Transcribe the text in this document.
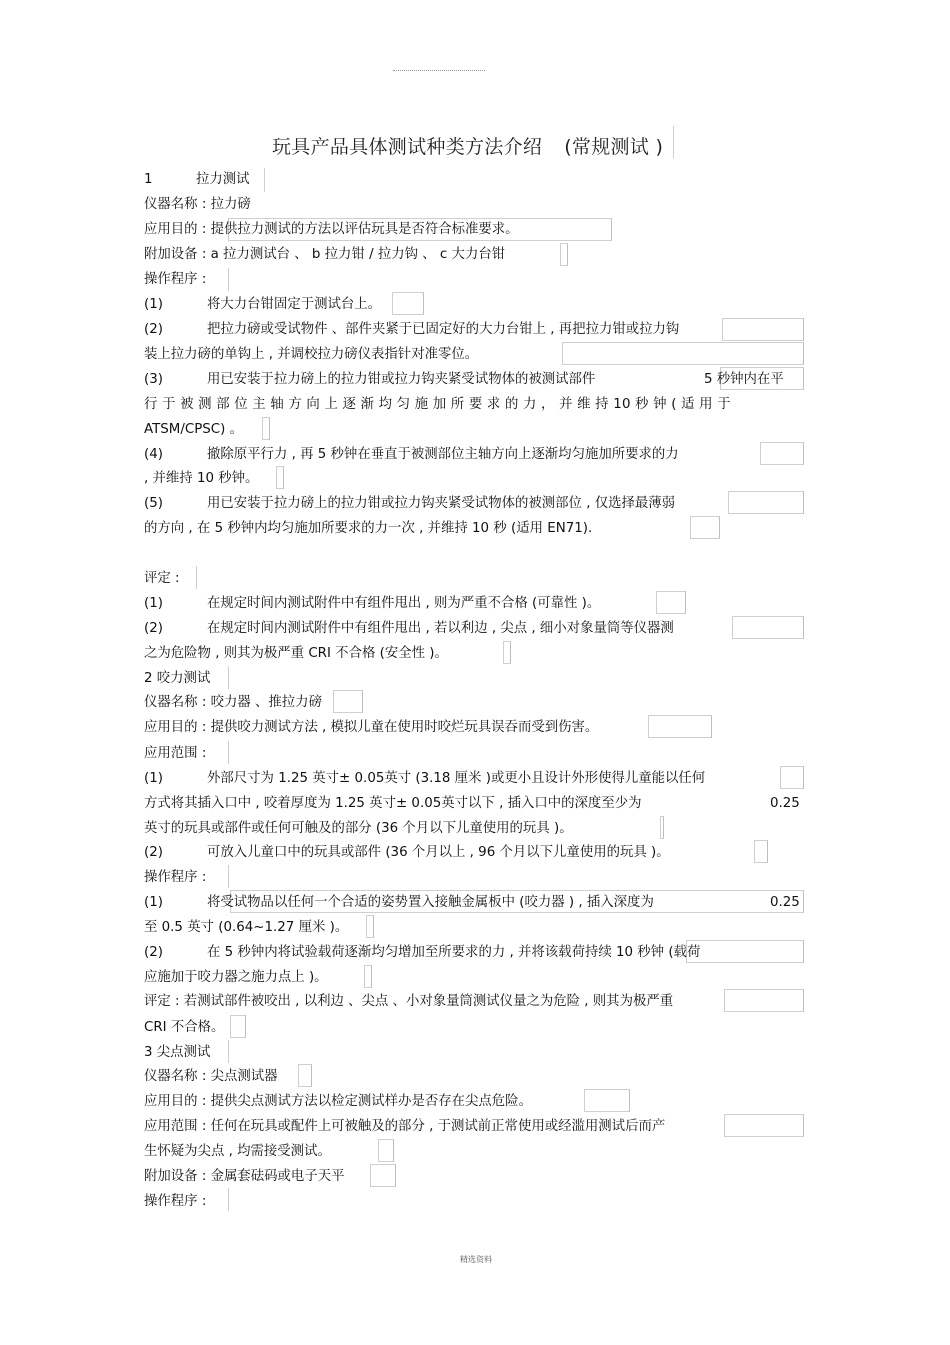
玩具产品具体测试种类方法介绍 (常规测试 )
1	拉力测试
仪器名称 : 拉力磅
应用目的 : 提供拉力测试的方法以评估玩具是否符合标准要求。
附加设备 : a 拉力测试台 、 b 拉力钳 / 拉力钩 、 c 大力台钳
操作程序 :
(1)	将大力台钳固定于测试台上。
(2)	把拉力磅或受试物件 、部件夹紧于已固定好的大力台钳上 , 再把拉力钳或拉力钩
装上拉力磅的单钩上 , 并调校拉力磅仪表指针对准零位。
(3)	用已安装于拉力磅上的拉力钳或拉力钩夹紧受试物体的被测试部件	5 秒钟内在平
行 于 被 测 部 位 主 轴 方 向 上 逐 渐 均 匀 施 加 所 要 求 的 力 ， 并 维 持 10 秒 钟 ( 适 用 于
ATSM/CPSC) 。
(4)	撤除原平行力 , 再 5 秒钟在垂直于被测部位主轴方向上逐渐均匀施加所要求的力
, 并维持 10 秒钟。
(5)	用已安装于拉力磅上的拉力钳或拉力钩夹紧受试物体的被测部位 , 仅选择最薄弱
的方向 , 在 5 秒钟内均匀施加所要求的力一次 , 并维持 10 秒 (适用 EN71).
评定 :
(1)	在规定时间内测试附件中有组件甩出 , 则为严重不合格 (可靠性 )。
(2)	在规定时间内测试附件中有组件甩出 , 若以利边 , 尖点 , 细小对象量筒等仪器测
之为危险物 , 则其为极严重 CRI 不合格 (安全性 )。
2 咬力测试
仪器名称 : 咬力器 、推拉力磅
应用目的 : 提供咬力测试方法 , 模拟儿童在使用时咬烂玩具误吞而受到伤害。
应用范围 :
(1)	外部尺寸为 1.25 英寸± 0.05英寸 (3.18 厘米 )或更小且设计外形使得儿童能以任何
方式将其插入口中 , 咬着厚度为 1.25 英寸± 0.05英寸以下 , 插入口中的深度至少为	0.25
英寸的玩具或部件或任何可触及的部分 (36 个月以下儿童使用的玩具 )。
(2)	可放入儿童口中的玩具或部件 (36 个月以上 , 96 个月以下儿童使用的玩具 )。
操作程序 :
(1)	将受试物品以任何一个合适的姿势置入接触金属板中 (咬力器 ) , 插入深度为	0.25
至 0.5 英寸 (0.64~1.27 厘米 )。
(2)	在 5 秒钟内将试验载荷逐渐均匀增加至所要求的力 , 并将该载荷持续 10 秒钟 (载荷
应施加于咬力器之施力点上 )。
评定 : 若测试部件被咬出 , 以利边 、尖点 、小对象量筒测试仪量之为危险 , 则其为极严重
CRI 不合格。
3 尖点测试
仪器名称 : 尖点测试器
应用目的 : 提供尖点测试方法以检定测试样办是否存在尖点危险。
应用范围 : 任何在玩具或配件上可被触及的部分 , 于测试前正常使用或经滥用测试后而产
生怀疑为尖点 , 均需接受测试。
附加设备 : 金属套砝码或电子天平
操作程序 :
精选资料
